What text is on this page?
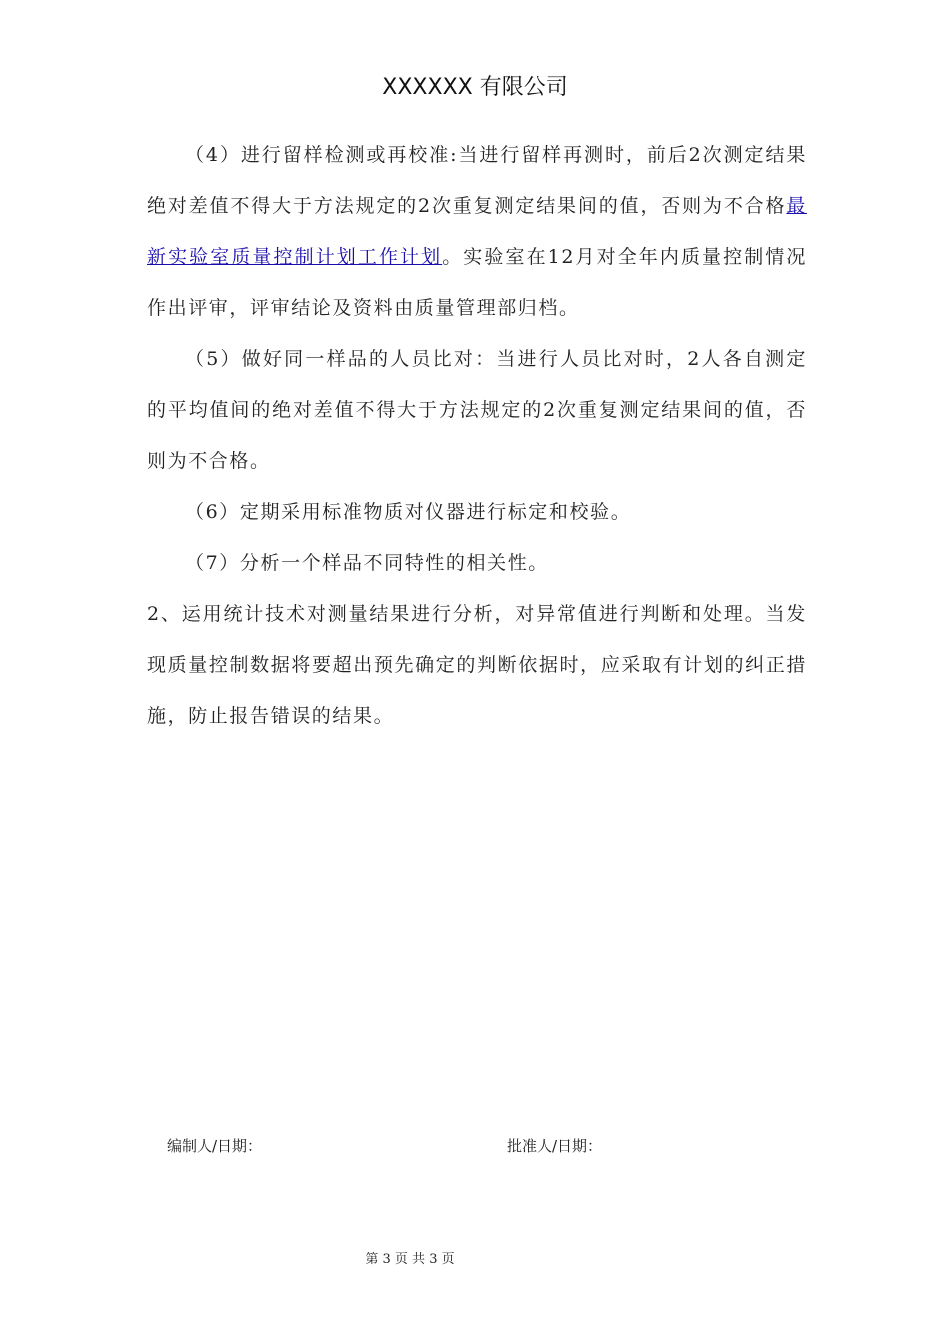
XXXXXX 有限公司

（4）进行留样检测或再校准:当进行留样再测时，前后2次测定结果绝对差值不得大于方法规定的2次重复测定结果间的值，否则为不合格最新实验室质量控制计划工作计划。实验室在12月对全年内质量控制情况作出评审，评审结论及资料由质量管理部归档。

（5）做好同一样品的人员比对：当进行人员比对时，2人各自测定的平均值间的绝对差值不得大于方法规定的2次重复测定结果间的值，否则为不合格。

（6）定期采用标准物质对仪器进行标定和校验。

（7）分析一个样品不同特性的相关性。

2、运用统计技术对测量结果进行分析，对异常值进行判断和处理。当发现质量控制数据将要超出预先确定的判断依据时，应采取有计划的纠正措施，防止报告错误的结果。

编制人/日期：	批准人/日期：
第 3 页 共 3 页
